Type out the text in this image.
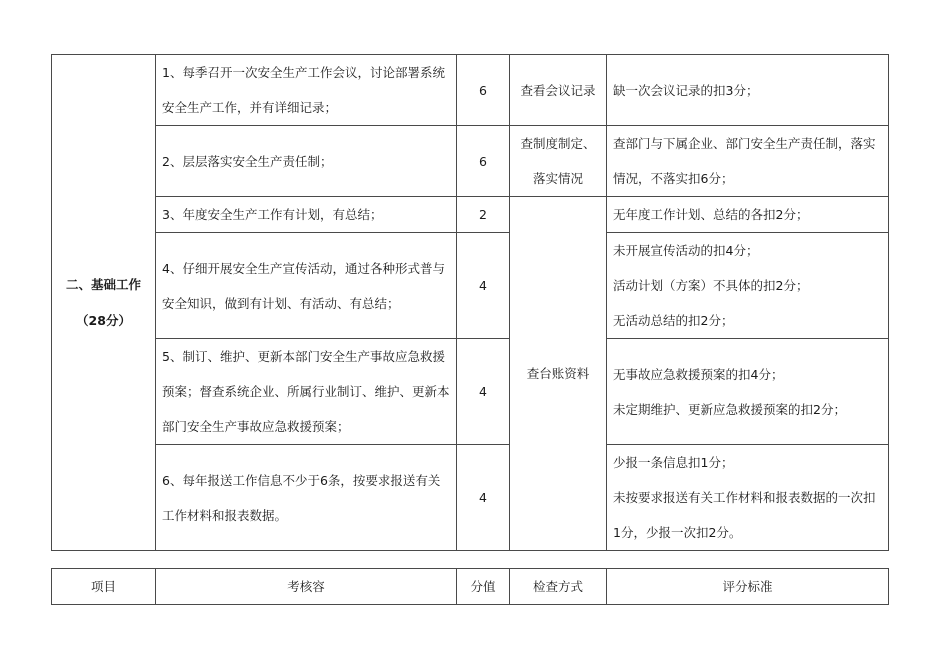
二、基础工作
（28分）	1、每季召开一次安全生产工作会议，讨论部署系统安全生产工作，并有详细记录；	6	查看会议记录	缺一次会议记录的扣3分；

	2、层层落实安全生产责任制；	6	查制度制定、落实情况	查部门与下属企业、部门安全生产责任制，落实情况，不落实扣6分；

	3、年度安全生产工作有计划，有总结；	2	查台账资料	无年度工作计划、总结的各扣2分；

	4、仔细开展安全生产宣传活动，通过各种形式普与安全知识，做到有计划、有活动、有总结；	4		未开展宣传活动的扣4分；
活动计划（方案）不具体的扣2分；
无活动总结的扣2分；

	5、制订、维护、更新本部门安全生产事故应急救援预案；督查系统企业、所属行业制订、维护、更新本部门安全生产事故应急救援预案；	4		无事故应急救援预案的扣4分；
未定期维护、更新应急救援预案的扣2分；

	6、每年报送工作信息不少于6条，按要求报送有关工作材料和报表数据。	4		少报一条信息扣1分；
未按要求报送有关工作材料和报表数据的一次扣1分，少报一次扣2分。
项目	考核容	分值	检查方式	评分标准
